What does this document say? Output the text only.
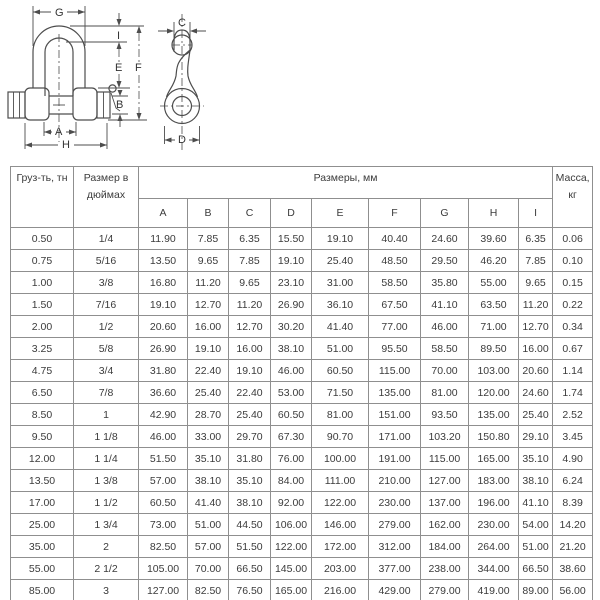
G
I
E
B
F
A
H
C
D
Груз-ть, тн	Размер в дюймах	Размеры, мм									Масса, кг
		A	B	C	D	E	F	G	H	I	
0.50	1/4	11.90	7.85	6.35	15.50	19.10	40.40	24.60	39.60	6.35	0.06
0.75	5/16	13.50	9.65	7.85	19.10	25.40	48.50	29.50	46.20	7.85	0.10
1.00	3/8	16.80	11.20	9.65	23.10	31.00	58.50	35.80	55.00	9.65	0.15
1.50	7/16	19.10	12.70	11.20	26.90	36.10	67.50	41.10	63.50	11.20	0.22
2.00	1/2	20.60	16.00	12.70	30.20	41.40	77.00	46.00	71.00	12.70	0.34
3.25	5/8	26.90	19.10	16.00	38.10	51.00	95.50	58.50	89.50	16.00	0.67
4.75	3/4	31.80	22.40	19.10	46.00	60.50	115.00	70.00	103.00	20.60	1.14
6.50	7/8	36.60	25.40	22.40	53.00	71.50	135.00	81.00	120.00	24.60	1.74
8.50	1	42.90	28.70	25.40	60.50	81.00	151.00	93.50	135.00	25.40	2.52
9.50	1 1/8	46.00	33.00	29.70	67.30	90.70	171.00	103.20	150.80	29.10	3.45
12.00	1 1/4	51.50	35.10	31.80	76.00	100.00	191.00	115.00	165.00	35.10	4.90
13.50	1 3/8	57.00	38.10	35.10	84.00	111.00	210.00	127.00	183.00	38.10	6.24
17.00	1 1/2	60.50	41.40	38.10	92.00	122.00	230.00	137.00	196.00	41.10	8.39
25.00	1 3/4	73.00	51.00	44.50	106.00	146.00	279.00	162.00	230.00	54.00	14.20
35.00	2	82.50	57.00	51.50	122.00	172.00	312.00	184.00	264.00	51.00	21.20
55.00	2 1/2	105.00	70.00	66.50	145.00	203.00	377.00	238.00	344.00	66.50	38.60
85.00	3	127.00	82.50	76.50	165.00	216.00	429.00	279.00	419.00	89.00	56.00
